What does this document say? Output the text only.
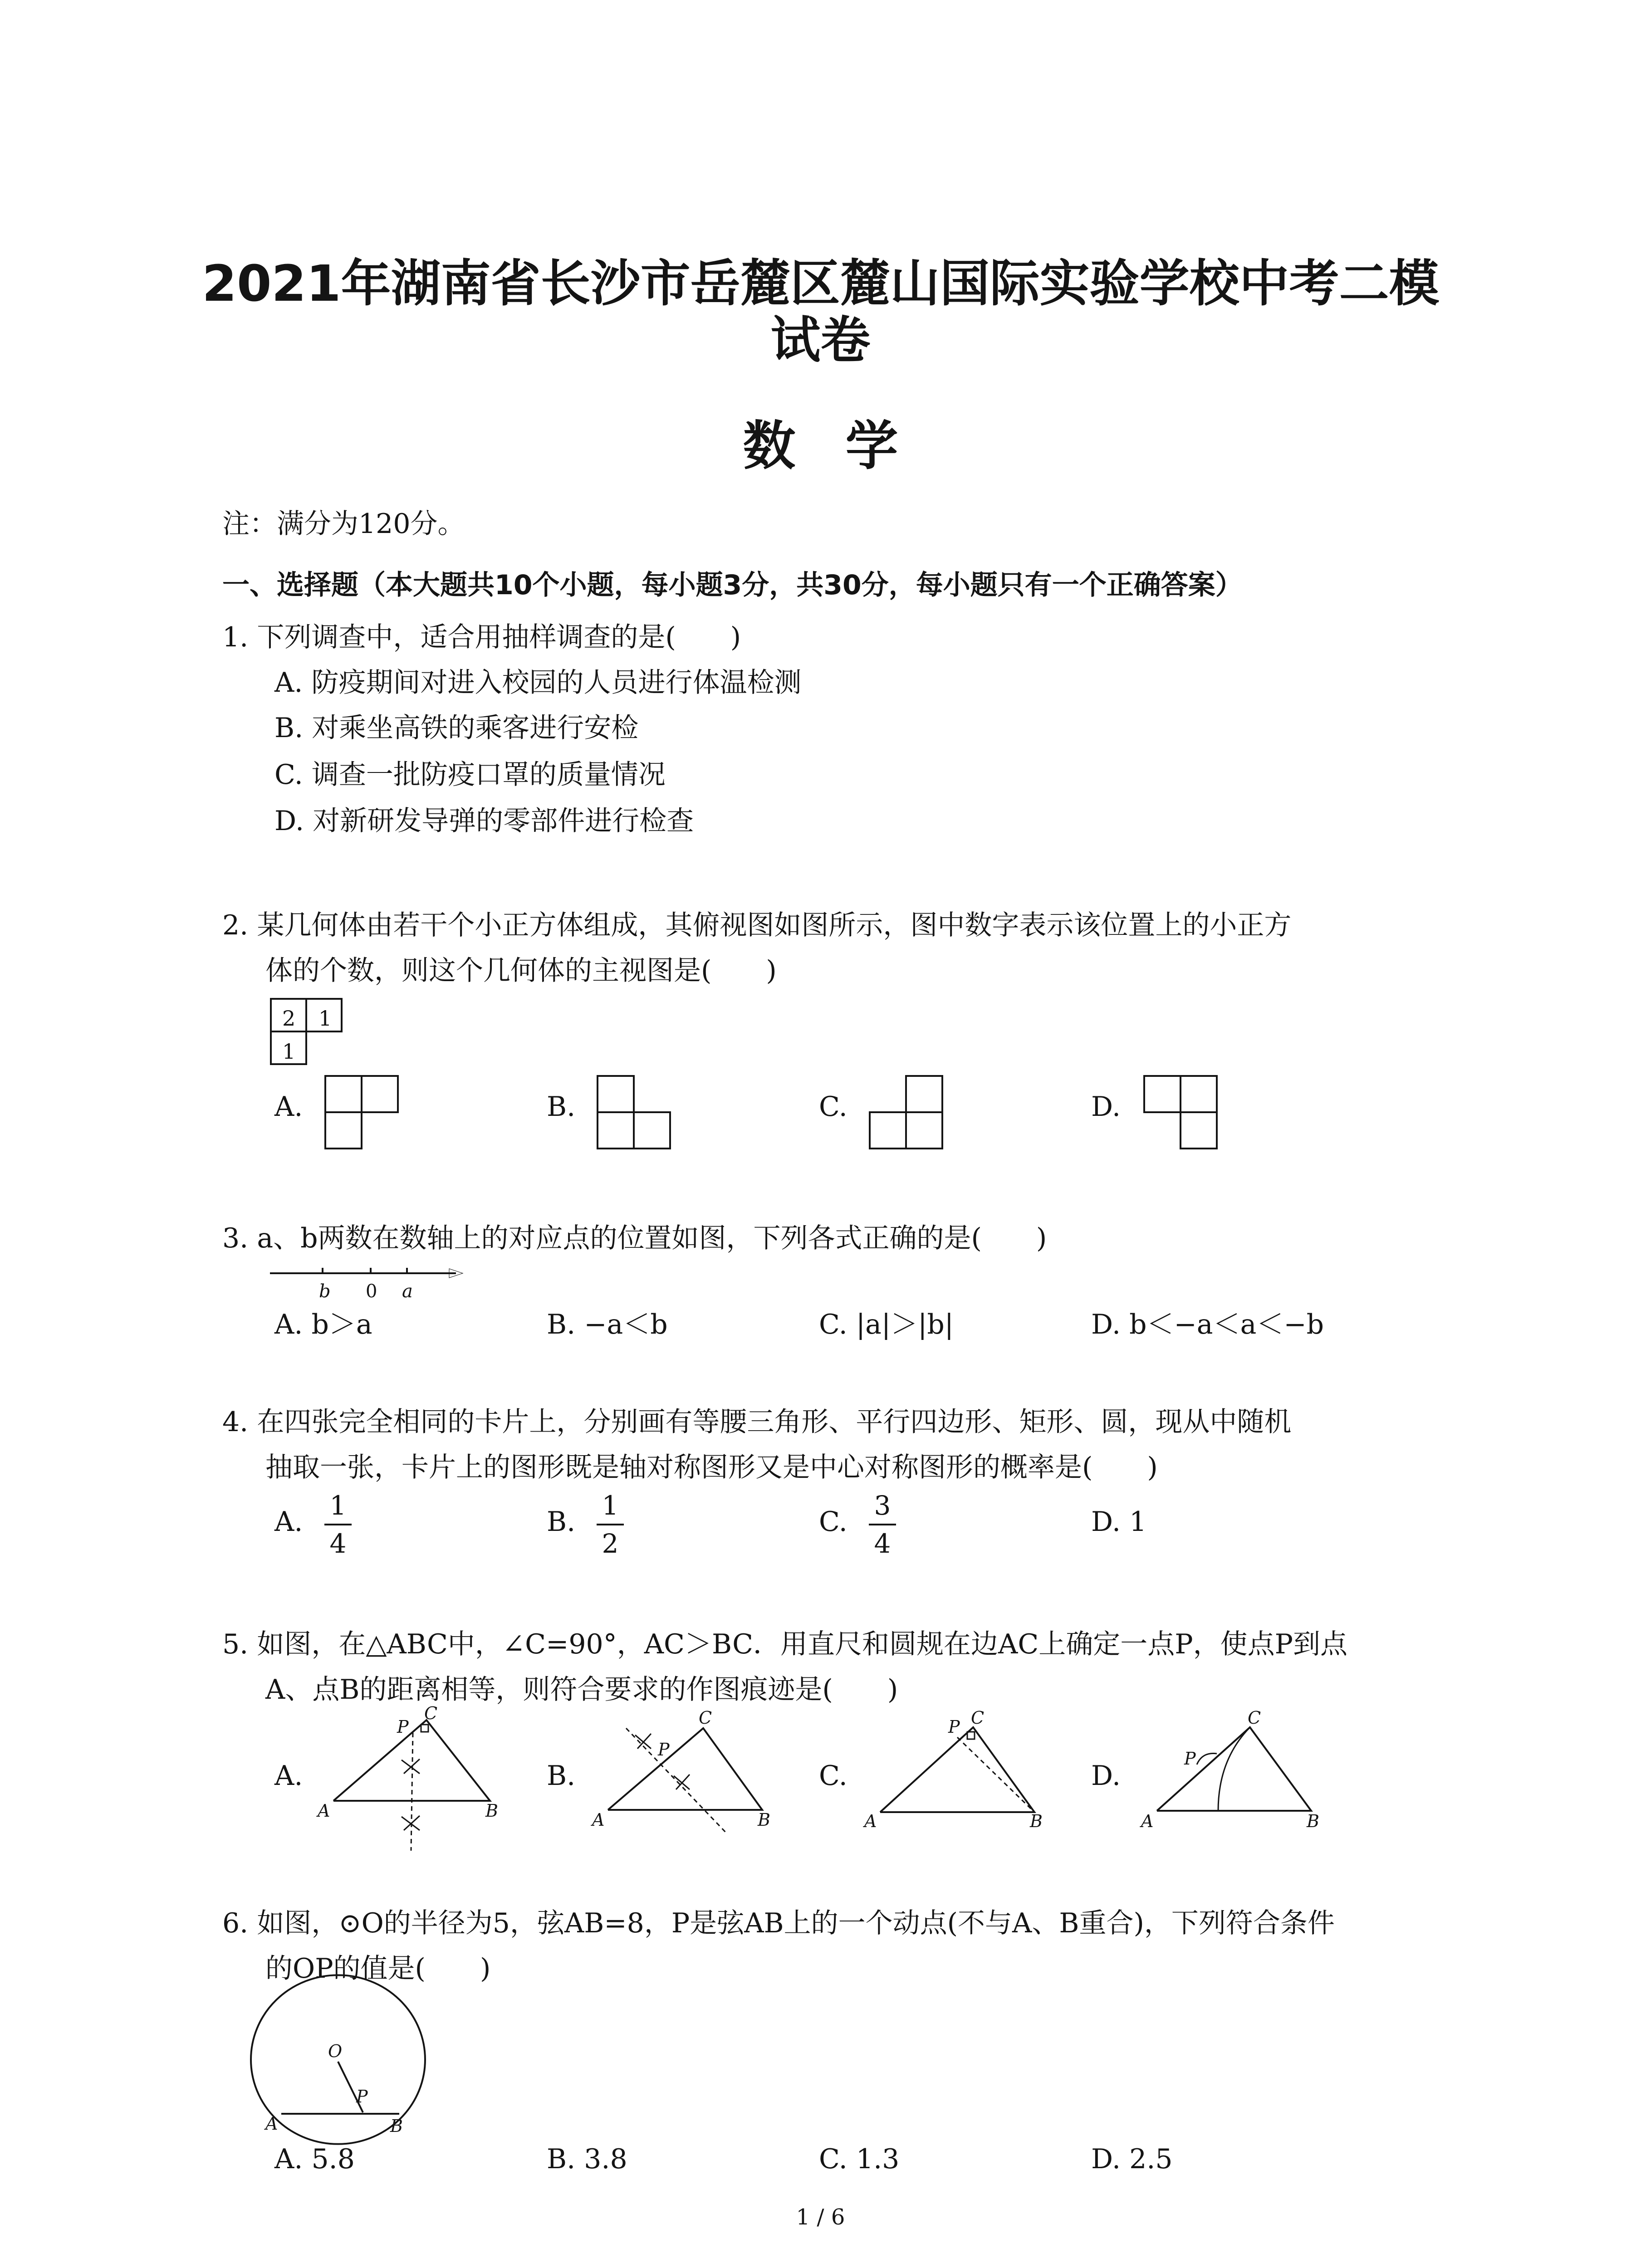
2021年湖南省长沙市岳麓区麓山国际实验学校中考二模
试卷
数学
注：满分为120分。
一、选择题（本大题共10个小题，每小题3分，共30分，每小题只有一个正确答案）
1. 下列调查中，适合用抽样调查的是(　　)
A. 防疫期间对进入校园的人员进行体温检测
B. 对乘坐高铁的乘客进行安检
C. 调查一批防疫口罩的质量情况
D. 对新研发导弹的零部件进行检查
2. 某几何体由若干个小正方体组成，其俯视图如图所示，图中数字表示该位置上的小正方
体的个数，则这个几何体的主视图是(　　)
2 1
1
A.	B.	C.	D.
3. a、b两数在数轴上的对应点的位置如图，下列各式正确的是(　　)
b 0 a
A. b＞a	B. −a＜b	C. |a|＞|b|	D. b＜−a＜a＜−b
4. 在四张完全相同的卡片上，分别画有等腰三角形、平行四边形、矩形、圆，现从中随机
抽取一张，卡片上的图形既是轴对称图形又是中心对称图形的概率是(　　)
A.
1
4
B.
1
2
C.
3
4
D. 1
5. 如图，在△ABC中，∠C=90°，AC＞BC．用直尺和圆规在边AC上确定一点P，使点P到点
A、点B的距离相等，则符合要求的作图痕迹是(　　)
A.
A	B
C
P
B.
A	B
C
P
C.
A	B
C
P
D.
A	B
C
P
6. 如图，⊙O的半径为5，弦AB=8，P是弦AB上的一个动点(不与A、B重合)，下列符合条件
的OP的值是(　　)
O
P
A	B
A. 5.8	B. 3.8	C. 1.3	D. 2.5
1 / 6
